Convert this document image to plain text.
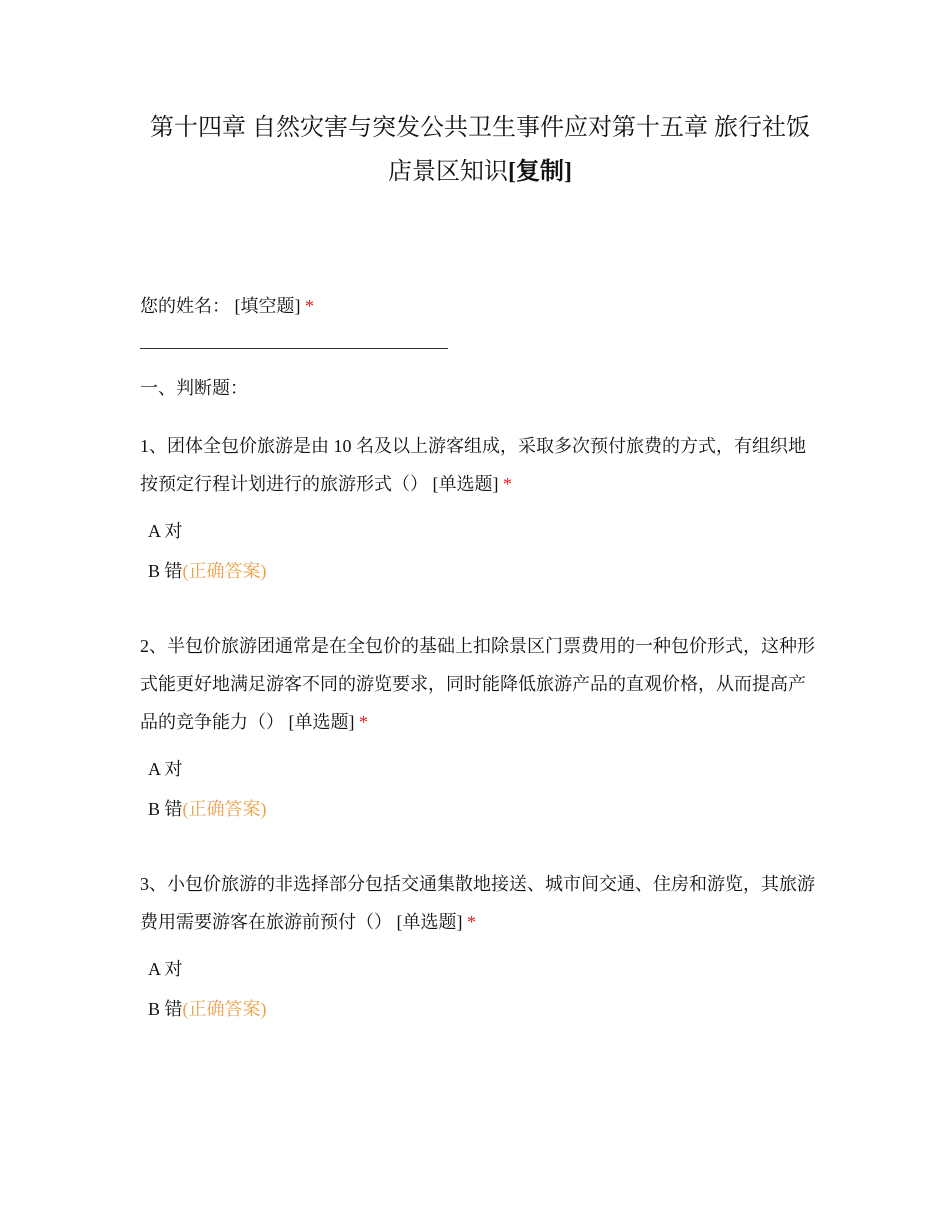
第十四章 自然灾害与突发公共卫生事件应对第十五章 旅行社饭店景区知识[复制]

您的姓名： [填空题] *

一、判断题：

1、团体全包价旅游是由 10 名及以上游客组成，采取多次预付旅费的方式，有组织地按预定行程计划进行的旅游形式（） [单选题] *

A 对

B 错(正确答案)

2、半包价旅游团通常是在全包价的基础上扣除景区门票费用的一种包价形式，这种形式能更好地满足游客不同的游览要求，同时能降低旅游产品的直观价格，从而提高产品的竞争能力（） [单选题] *

A 对

B 错(正确答案)

3、小包价旅游的非选择部分包括交通集散地接送、城市间交通、住房和游览，其旅游费用需要游客在旅游前预付（） [单选题] *

A 对

B 错(正确答案)
